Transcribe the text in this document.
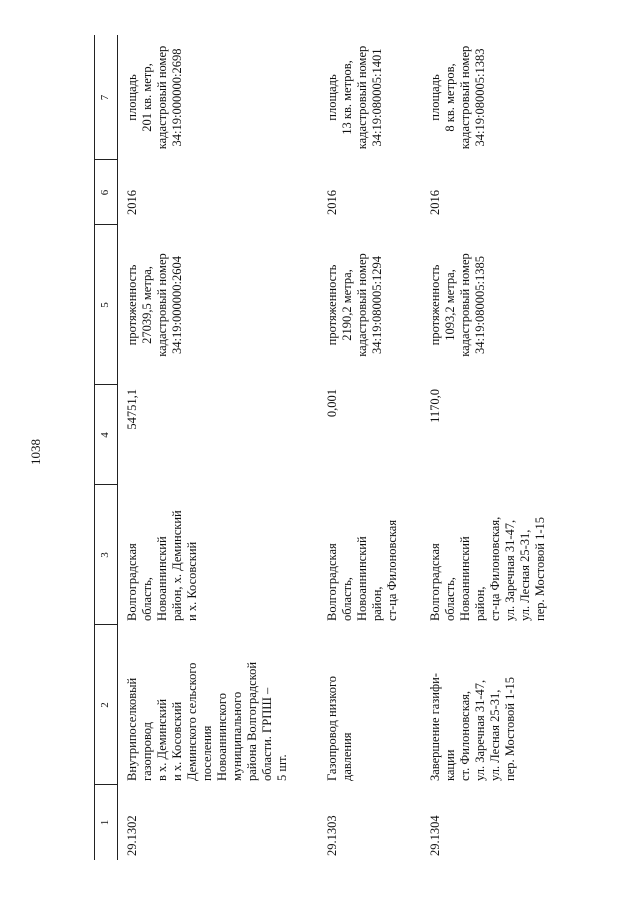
1038
1
2
3
4
5
6
7
29.1302
Внутрипоселковый
газопровод
в х. Деминский
и х. Косовский
Деминского сельского
поселения
Новоаннинского
муниципального
района Волгоградской
области. ГРПШ –
5 шт.
Волгоградская
область,
Новоаннинский
район, х. Деминский
и х. Косовский
54751,1
протяженность
27039,5 метра,
кадастровый номер
34:19:000000:2604
2016
площадь
201 кв. метр,
кадастровый номер
34:19:000000:2698
29.1303
Газопровод низкого
давления
Волгоградская
область,
Новоаннинский
район,
ст-ца Филоновская
0,001
протяженность
2190,2 метра,
кадастровый номер
34:19:080005:1294
2016
площадь
13 кв. метров,
кадастровый номер
34:19:080005:1401
29.1304
Завершение газифи-
кации
ст. Филоновская,
ул. Заречная 31-47,
ул. Лесная 25-31,
пер. Мостовой 1-15
Волгоградская
область,
Новоаннинский
район,
ст-ца Филоновская,
ул. Заречная 31-47,
ул. Лесная 25-31,
пер. Мостовой 1-15
1170,0
протяженность
1093,2 метра,
кадастровый номер
34:19:080005:1385
2016
площадь
8 кв. метров,
кадастровый номер
34:19:080005:1383
